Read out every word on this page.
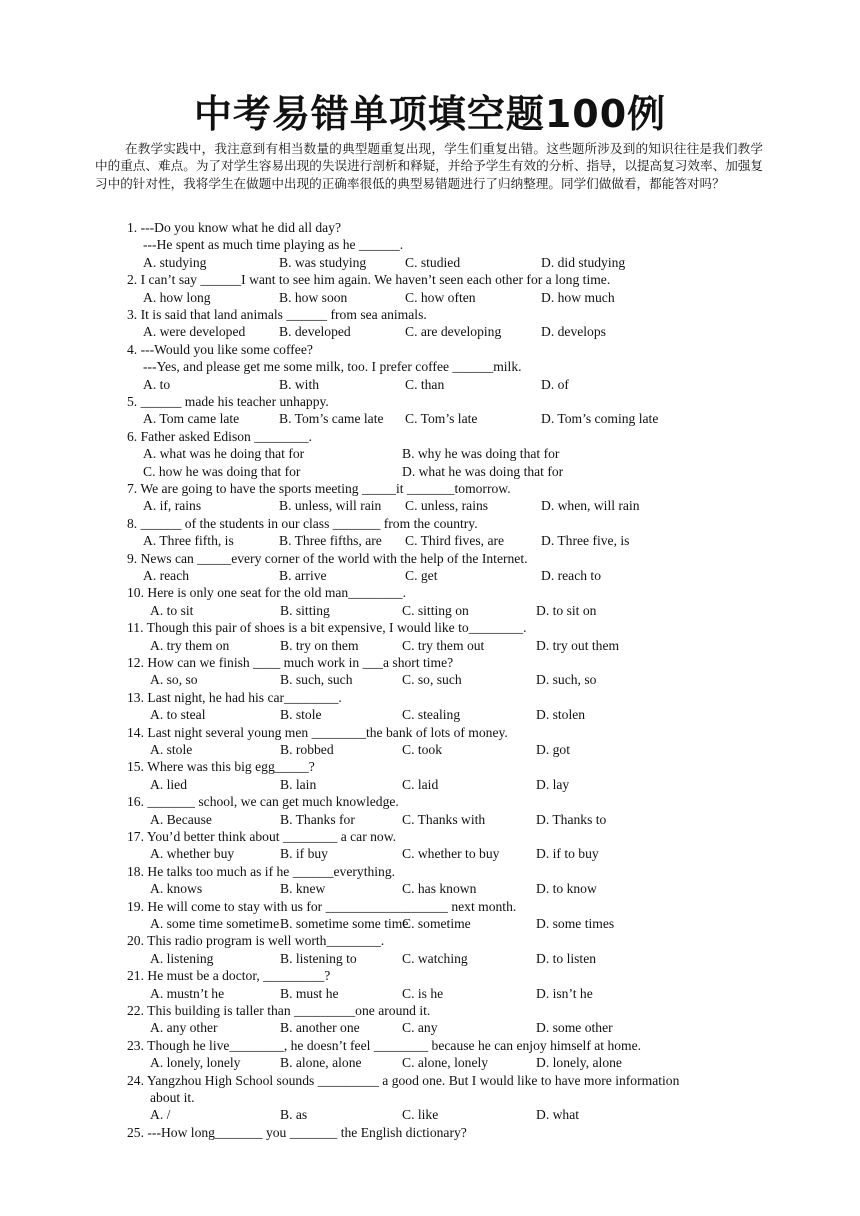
中考易错单项填空题100例
在教学实践中，我注意到有相当数量的典型题重复出现，学生们重复出错。这些题所涉及到的知识往往是我们教学中的重点、难点。为了对学生容易出现的失误进行剖析和释疑，并给予学生有效的分析、指导，以提高复习效率、加强复习中的针对性，我将学生在做题中出现的正确率很低的典型易错题进行了归纳整理。同学们做做看，都能答对吗？
1. ---Do you know what he did all day?
---He spent as much time playing as he ______.
A. studying	B. was studying	C. studied	D. did studying
2. I can’t say ______I want to see him again. We haven’t seen each other for a long time.
A. how long	B. how soon	C. how often	D. how much
3. It is said that land animals ______ from sea animals.
A. were developed B. developed	C. are developing	D. develops
4. ---Would you like some coffee?
---Yes, and please get me some milk, too. I prefer coffee ______milk.
A. to	B. with	C. than	D. of
5. ______ made his teacher unhappy.
A. Tom came late	B. Tom’s came late C. Tom’s late	D. Tom’s coming late
6. Father asked Edison ________.
A. what was he doing that for	B. why he was doing that for
C. how he was doing that for	D. what he was doing that for
7. We are going to have the sports meeting _____it _______tomorrow.
A. if, rains	B. unless, will rain C. unless, rains	D. when, will rain
8. ______ of the students in our class _______ from the country.
A. Three fifth, is	B. Three fifths, are C. Third fives, are	D. Three five, is
9. News can _____every corner of the world with the help of the Internet.
A. reach	B. arrive	C. get	D. reach to
10. Here is only one seat for the old man________.
A. to sit	B. sitting	C. sitting on	D. to sit on
11. Though this pair of shoes is a bit expensive, I would like to________.
A. try them on	B. try on them	C. try them out	D. try out them
12. How can we finish ____ much work in ___a short time?
A. so, so	B. such, such	C. so, such	D. such, so
13. Last night, he had his car________.
A. to steal	B. stole	C. stealing	D. stolen
14. Last night several young men ________the bank of lots of money.
A. stole	B. robbed	C. took	D. got
15. Where was this big egg_____?
A. lied	B. lain	C. laid	D. lay
16. _______ school, we can get much knowledge.
A. Because	B. Thanks for	C. Thanks with	D. Thanks to
17. You’d better think about ________ a car now.
A. whether buy	B. if buy	C. whether to buy	D. if to buy
18. He talks too much as if he ______everything.
A. knows	B. knew	C. has known	D. to know
19. He will come to stay with us for __________________ next month.
A. some time sometime B. sometime some time
C. sometime	D. some times
20. This radio program is well worth________.
A. listening	B. listening to	C. watching	D. to listen
21. He must be a doctor, _________?
A. mustn’t he	B. must he	C. is he	D. isn’t he
22. This building is taller than _________one around it.
A. any other	B. another one	C. any	D. some other
23. Though he live________, he doesn’t feel ________ because he can enjoy himself at home.
A. lonely, lonely	B. alone, alone	C. alone, lonely	D. lonely, alone
24. Yangzhou High School sounds _________ a good one. But I would like to have more information
about it.
A. /	B. as	C. like	D. what
25. ---How long_______ you _______ the English dictionary?
